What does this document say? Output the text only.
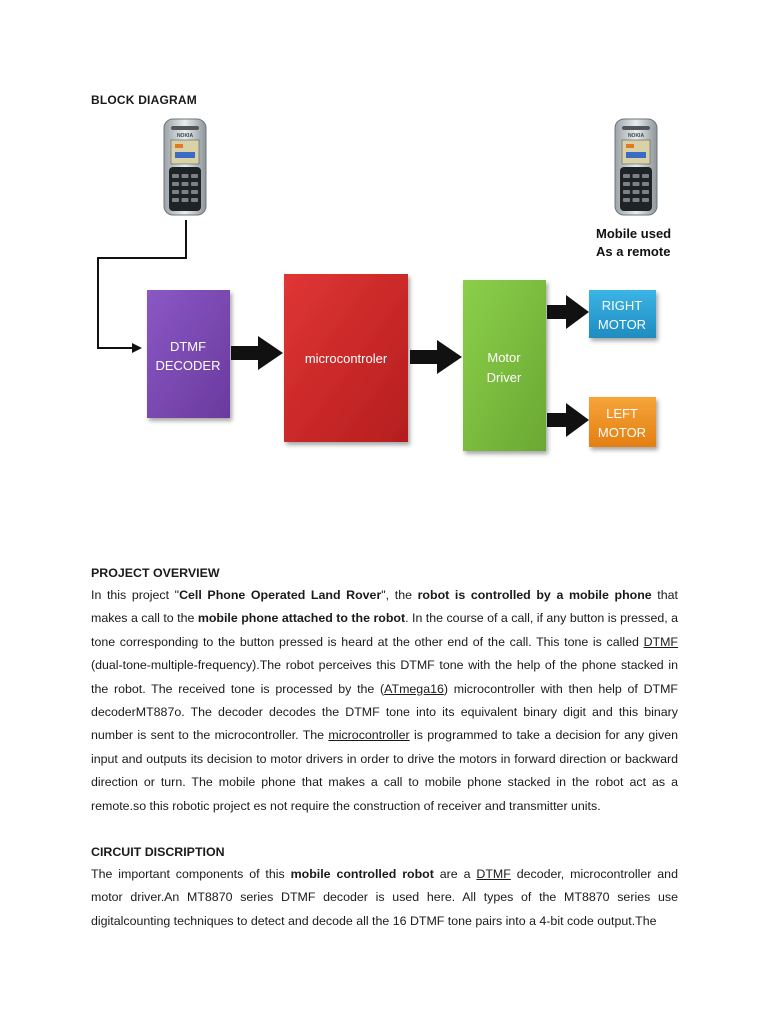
BLOCK DIAGRAM
NOKIA	NOKIA
DTMF
DECODER	microcontroler	Motor
Driver
RIGHT
MOTOR
LEFT
MOTOR
Mobile used
As a remote
PROJECT OVERVIEW
In this project "Cell Phone Operated Land Rover", the robot is controlled by a mobile phone that makes a call to the mobile phone attached to the robot. In the course of a call, if any button is pressed, a tone corresponding to the button pressed is heard at the other end of the call. This tone is called DTMF (dual-tone-multiple-frequency).The robot perceives this DTMF tone with the help of the phone stacked in the robot. The received tone is processed by the (ATmega16) microcontroller with then help of DTMF decoderMT887o. The decoder decodes the DTMF tone into its equivalent binary digit and this binary number is sent to the microcontroller. The microcontroller is programmed to take a decision for any given input and outputs its decision to motor drivers in order to drive the motors in forward direction or backward direction or turn. The mobile phone that makes a call to mobile phone stacked in the robot act as a remote.so this robotic project es not require the construction of receiver and transmitter units.
CIRCUIT DISCRIPTION
The important components of this mobile controlled robot are a DTMF decoder, microcontroller and motor driver.An MT8870 series DTMF decoder is used here. All types of the MT8870 series use digitalcounting techniques to detect and decode all the 16 DTMF tone pairs into a 4-bit code output.The
